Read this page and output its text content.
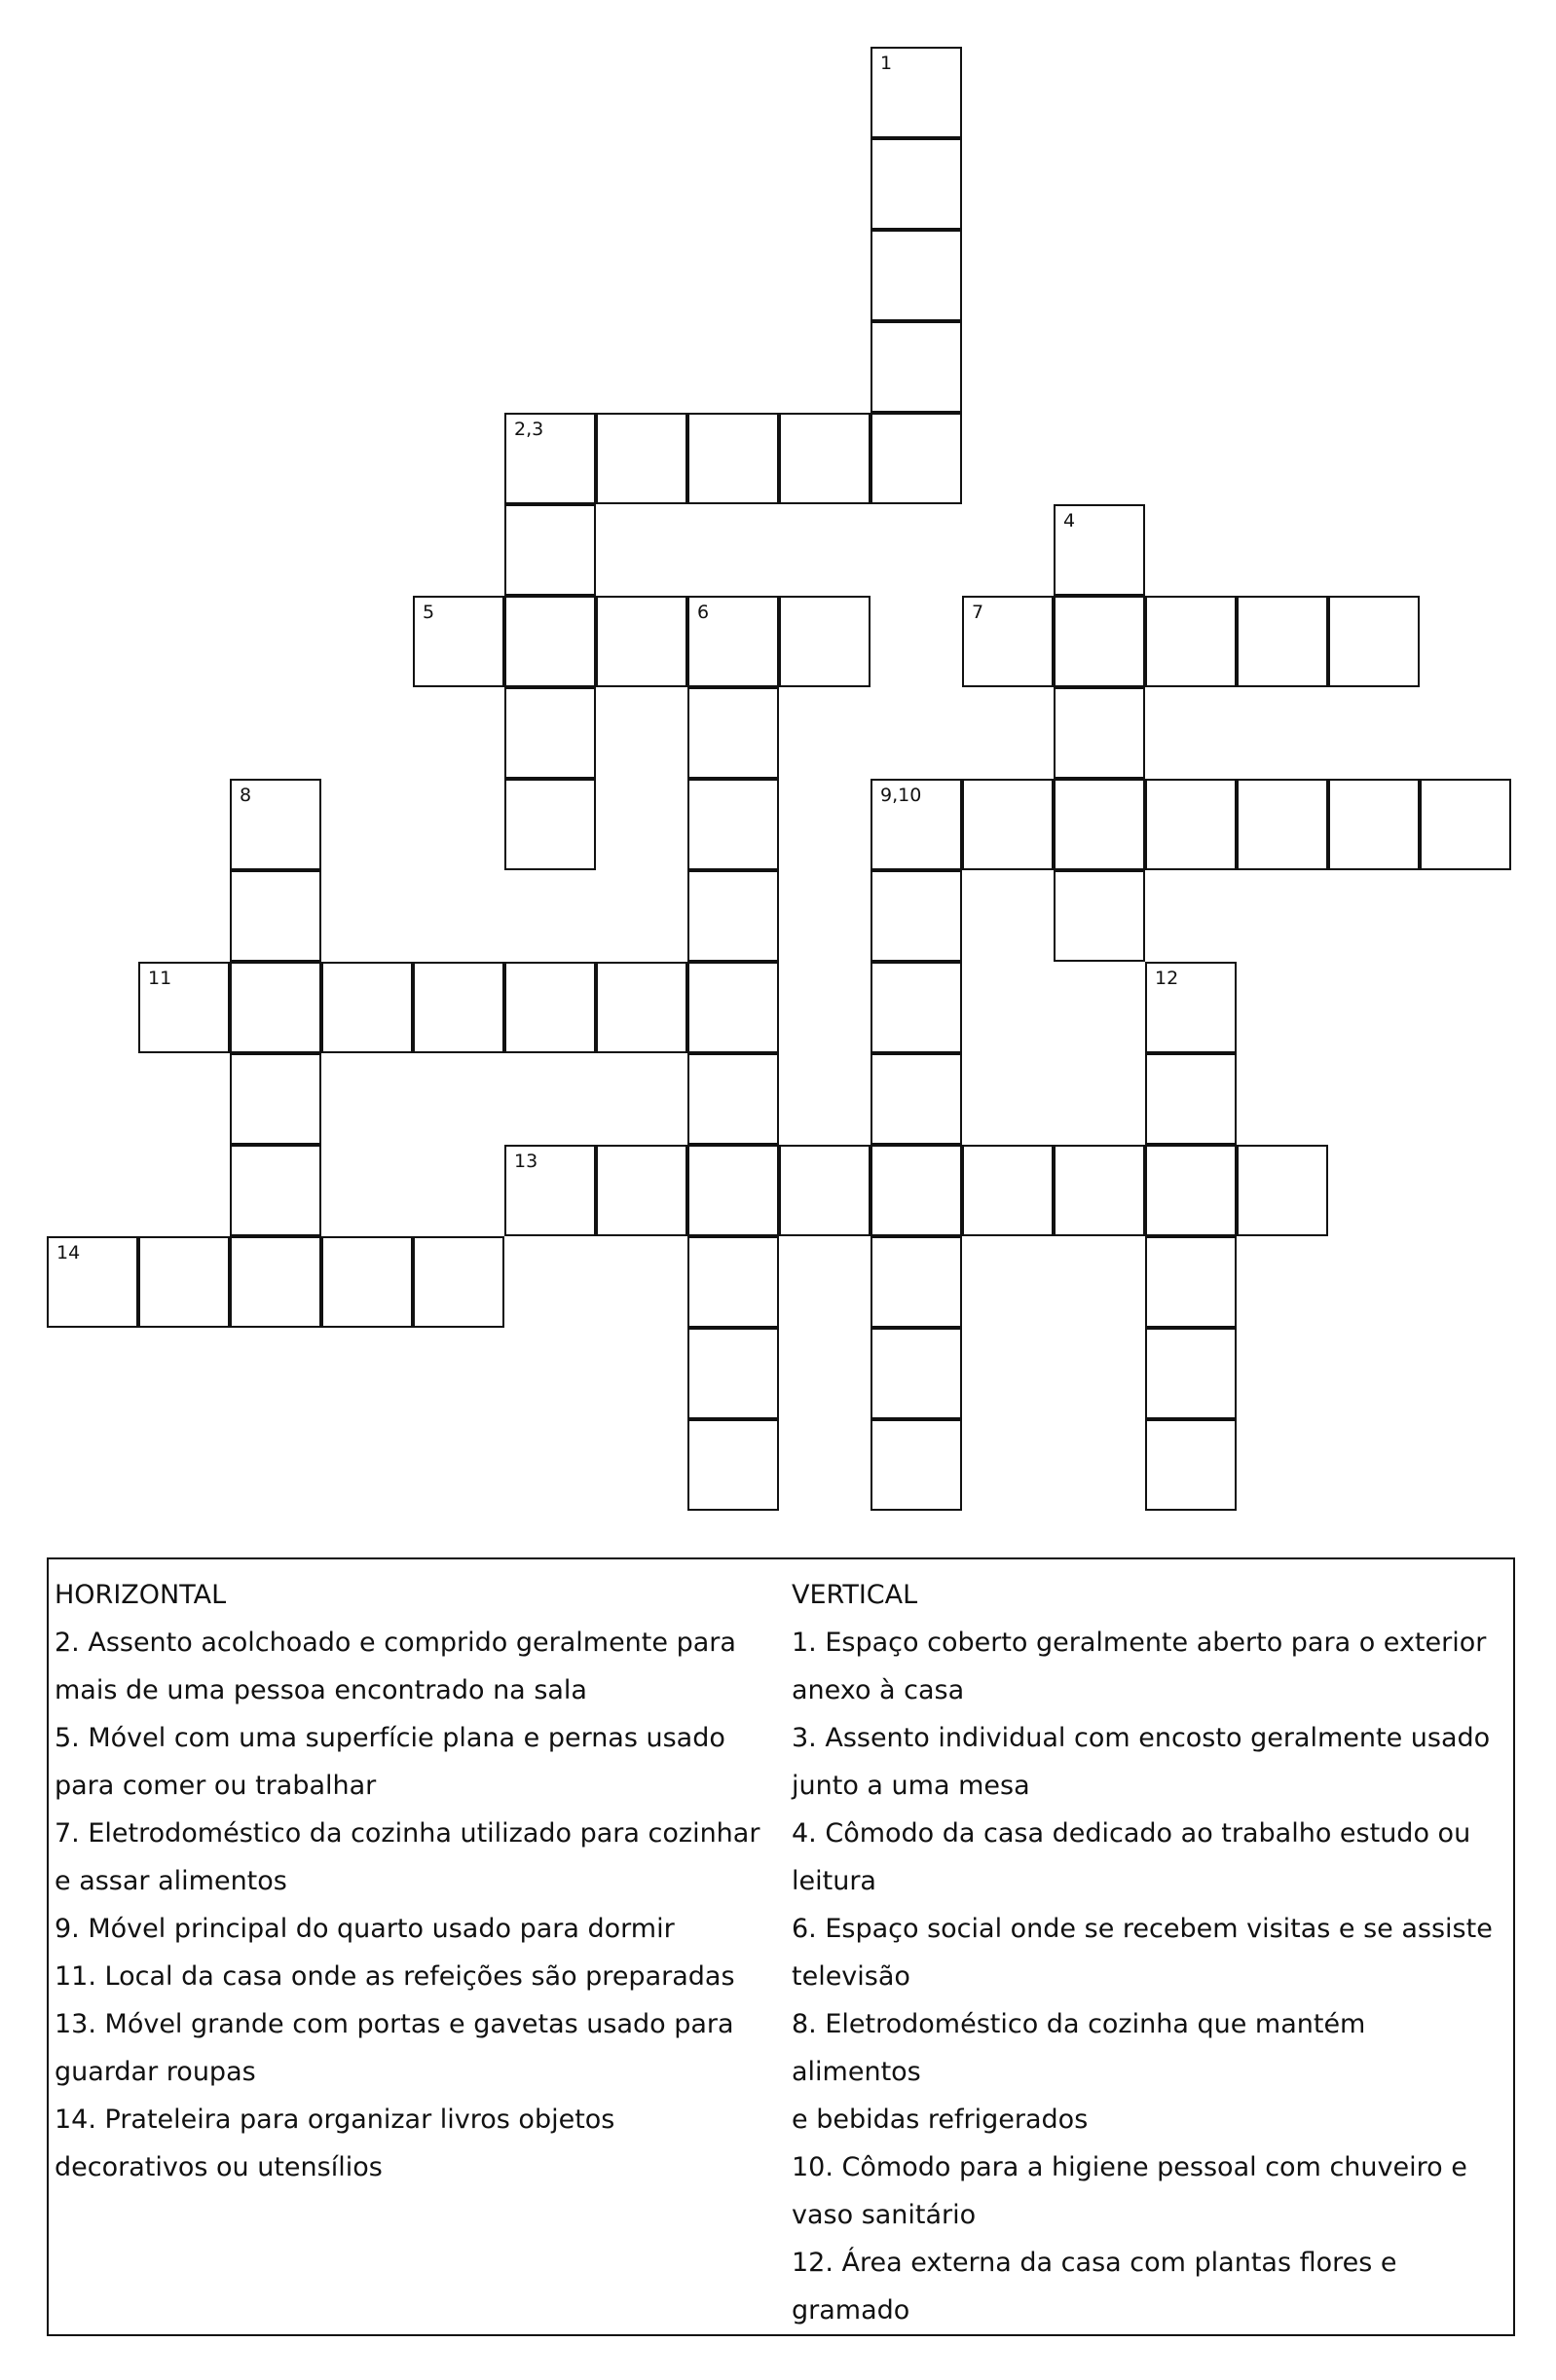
1
2,3
4
5	6	7
8	9,10
11	12
13
14
HORIZONTAL
2. Assento acolchoado e comprido geralmente para
mais de uma pessoa encontrado na sala
5. Móvel com uma superfície plana e pernas usado
para comer ou trabalhar
7. Eletrodoméstico da cozinha utilizado para cozinhar
e assar alimentos
9. Móvel principal do quarto usado para dormir
11. Local da casa onde as refeições são preparadas
13. Móvel grande com portas e gavetas usado para
guardar roupas
14. Prateleira para organizar livros objetos
decorativos ou utensílios
VERTICAL
1. Espaço coberto geralmente aberto para o exterior
anexo à casa
3. Assento individual com encosto geralmente usado
junto a uma mesa
4. Cômodo da casa dedicado ao trabalho estudo ou
leitura
6. Espaço social onde se recebem visitas e se assiste
televisão
8. Eletrodoméstico da cozinha que mantém alimentos
e bebidas refrigerados
10. Cômodo para a higiene pessoal com chuveiro e
vaso sanitário
12. Área externa da casa com plantas flores e
gramado
